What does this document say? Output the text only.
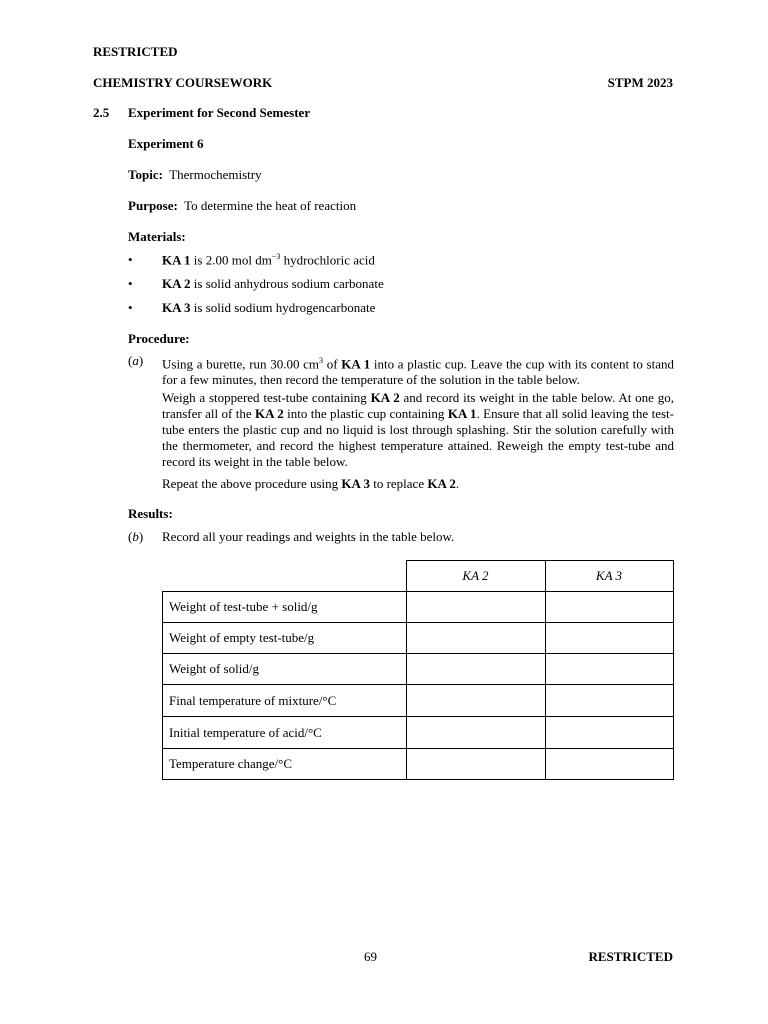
RESTRICTED
CHEMISTRY COURSEWORK	STPM 2023
2.5 Experiment for Second Semester
Experiment 6
Topic: Thermochemistry
Purpose: To determine the heat of reaction
Materials:
• KA 1 is 2.00 mol $dm^{-3}$ hydrochloric acid
• KA 2 is solid anhydrous sodium carbonate
• KA 3 is solid sodium hydrogencarbonate
Procedure:
(a) Using a burette, run 30.00 $cm^3$ of KA 1 into a plastic cup. Leave the cup with its content to stand for a few minutes, then record the temperature of the solution in the table below.
Weigh a stoppered test-tube containing KA 2 and record its weight in the table below. At one go, transfer all of the KA 2 into the plastic cup containing KA 1. Ensure that all solid leaving the test-tube enters the plastic cup and no liquid is lost through splashing. Stir the solution carefully with the thermometer, and record the highest temperature attained. Reweigh the empty test-tube and record its weight in the table below.
Repeat the above procedure using KA 3 to replace KA 2.
Results:
(b) Record all your readings and weights in the table below.
	KA 2	KA 3
Weight of test-tube + solid/g		
Weight of empty test-tube/g		
Weight of solid/g		
Final temperature of mixture/°C		
Initial temperature of acid/°C		
Temperature change/°C		
69	RESTRICTED
